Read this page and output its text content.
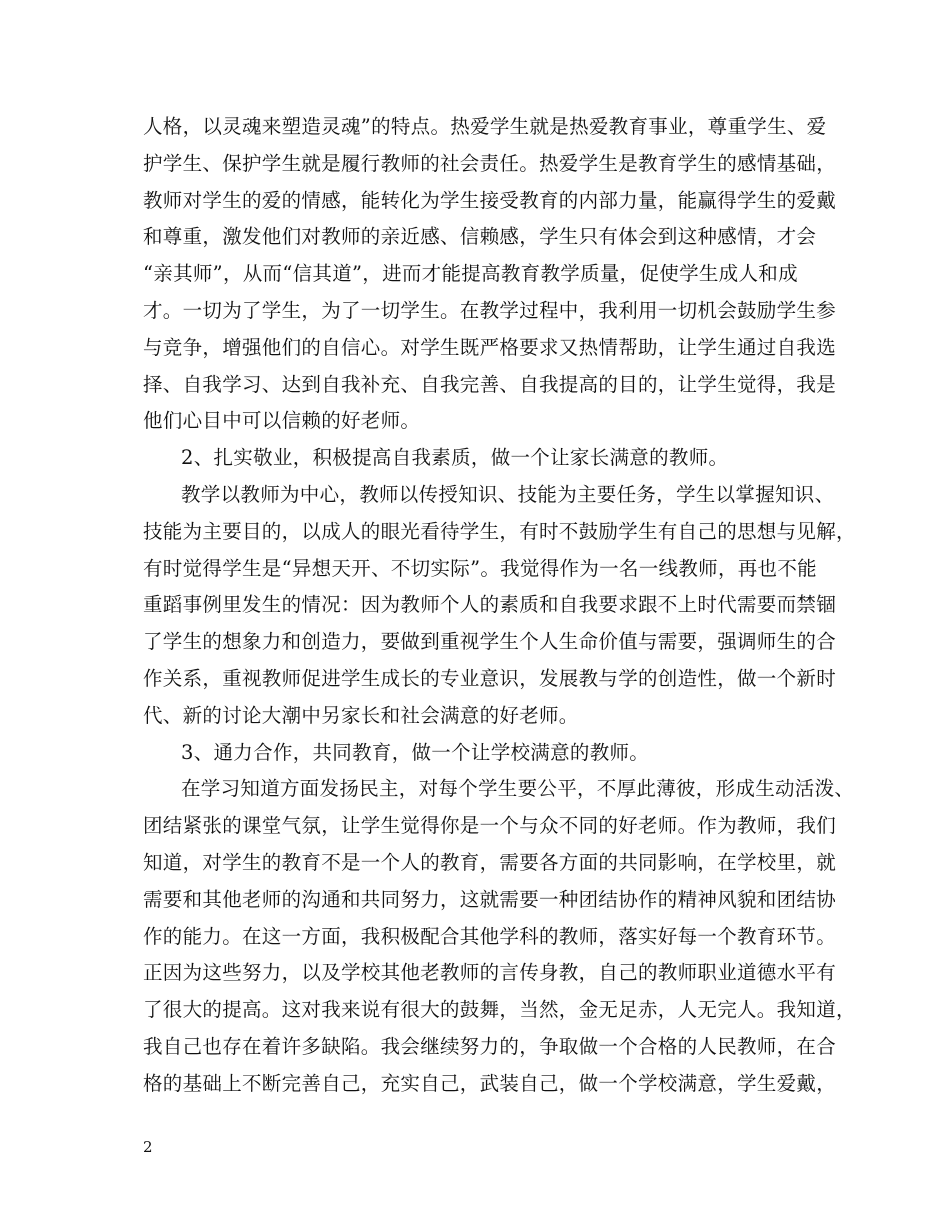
人格，以灵魂来塑造灵魂”的特点。热爱学生就是热爱教育事业，尊重学生、爱
护学生、保护学生就是履行教师的社会责任。热爱学生是教育学生的感情基础，
教师对学生的爱的情感，能转化为学生接受教育的内部力量，能赢得学生的爱戴
和尊重，激发他们对教师的亲近感、信赖感，学生只有体会到这种感情，才会
“亲其师”，从而“信其道”，进而才能提高教育教学质量，促使学生成人和成
才。一切为了学生，为了一切学生。在教学过程中，我利用一切机会鼓励学生参
与竞争，增强他们的自信心。对学生既严格要求又热情帮助，让学生通过自我选
择、自我学习、达到自我补充、自我完善、自我提高的目的，让学生觉得，我是
他们心目中可以信赖的好老师。
2、扎实敬业，积极提高自我素质，做一个让家长满意的教师。
教学以教师为中心，教师以传授知识、技能为主要任务，学生以掌握知识、
技能为主要目的，以成人的眼光看待学生，有时不鼓励学生有自己的思想与见解，
有时觉得学生是“异想天开、不切实际”。我觉得作为一名一线教师，再也不能
重蹈事例里发生的情况：因为教师个人的素质和自我要求跟不上时代需要而禁锢
了学生的想象力和创造力，要做到重视学生个人生命价值与需要，强调师生的合
作关系，重视教师促进学生成长的专业意识，发展教与学的创造性，做一个新时
代、新的讨论大潮中另家长和社会满意的好老师。
3、通力合作，共同教育，做一个让学校满意的教师。
在学习知道方面发扬民主，对每个学生要公平，不厚此薄彼，形成生动活泼、
团结紧张的课堂气氛，让学生觉得你是一个与众不同的好老师。作为教师，我们
知道，对学生的教育不是一个人的教育，需要各方面的共同影响，在学校里，就
需要和其他老师的沟通和共同努力，这就需要一种团结协作的精神风貌和团结协
作的能力。在这一方面，我积极配合其他学科的教师，落实好每一个教育环节。
正因为这些努力，以及学校其他老教师的言传身教，自己的教师职业道德水平有
了很大的提高。这对我来说有很大的鼓舞，当然，金无足赤，人无完人。我知道，
我自己也存在着许多缺陷。我会继续努力的，争取做一个合格的人民教师，在合
格的基础上不断完善自己，充实自己，武装自己，做一个学校满意，学生爱戴，
2
